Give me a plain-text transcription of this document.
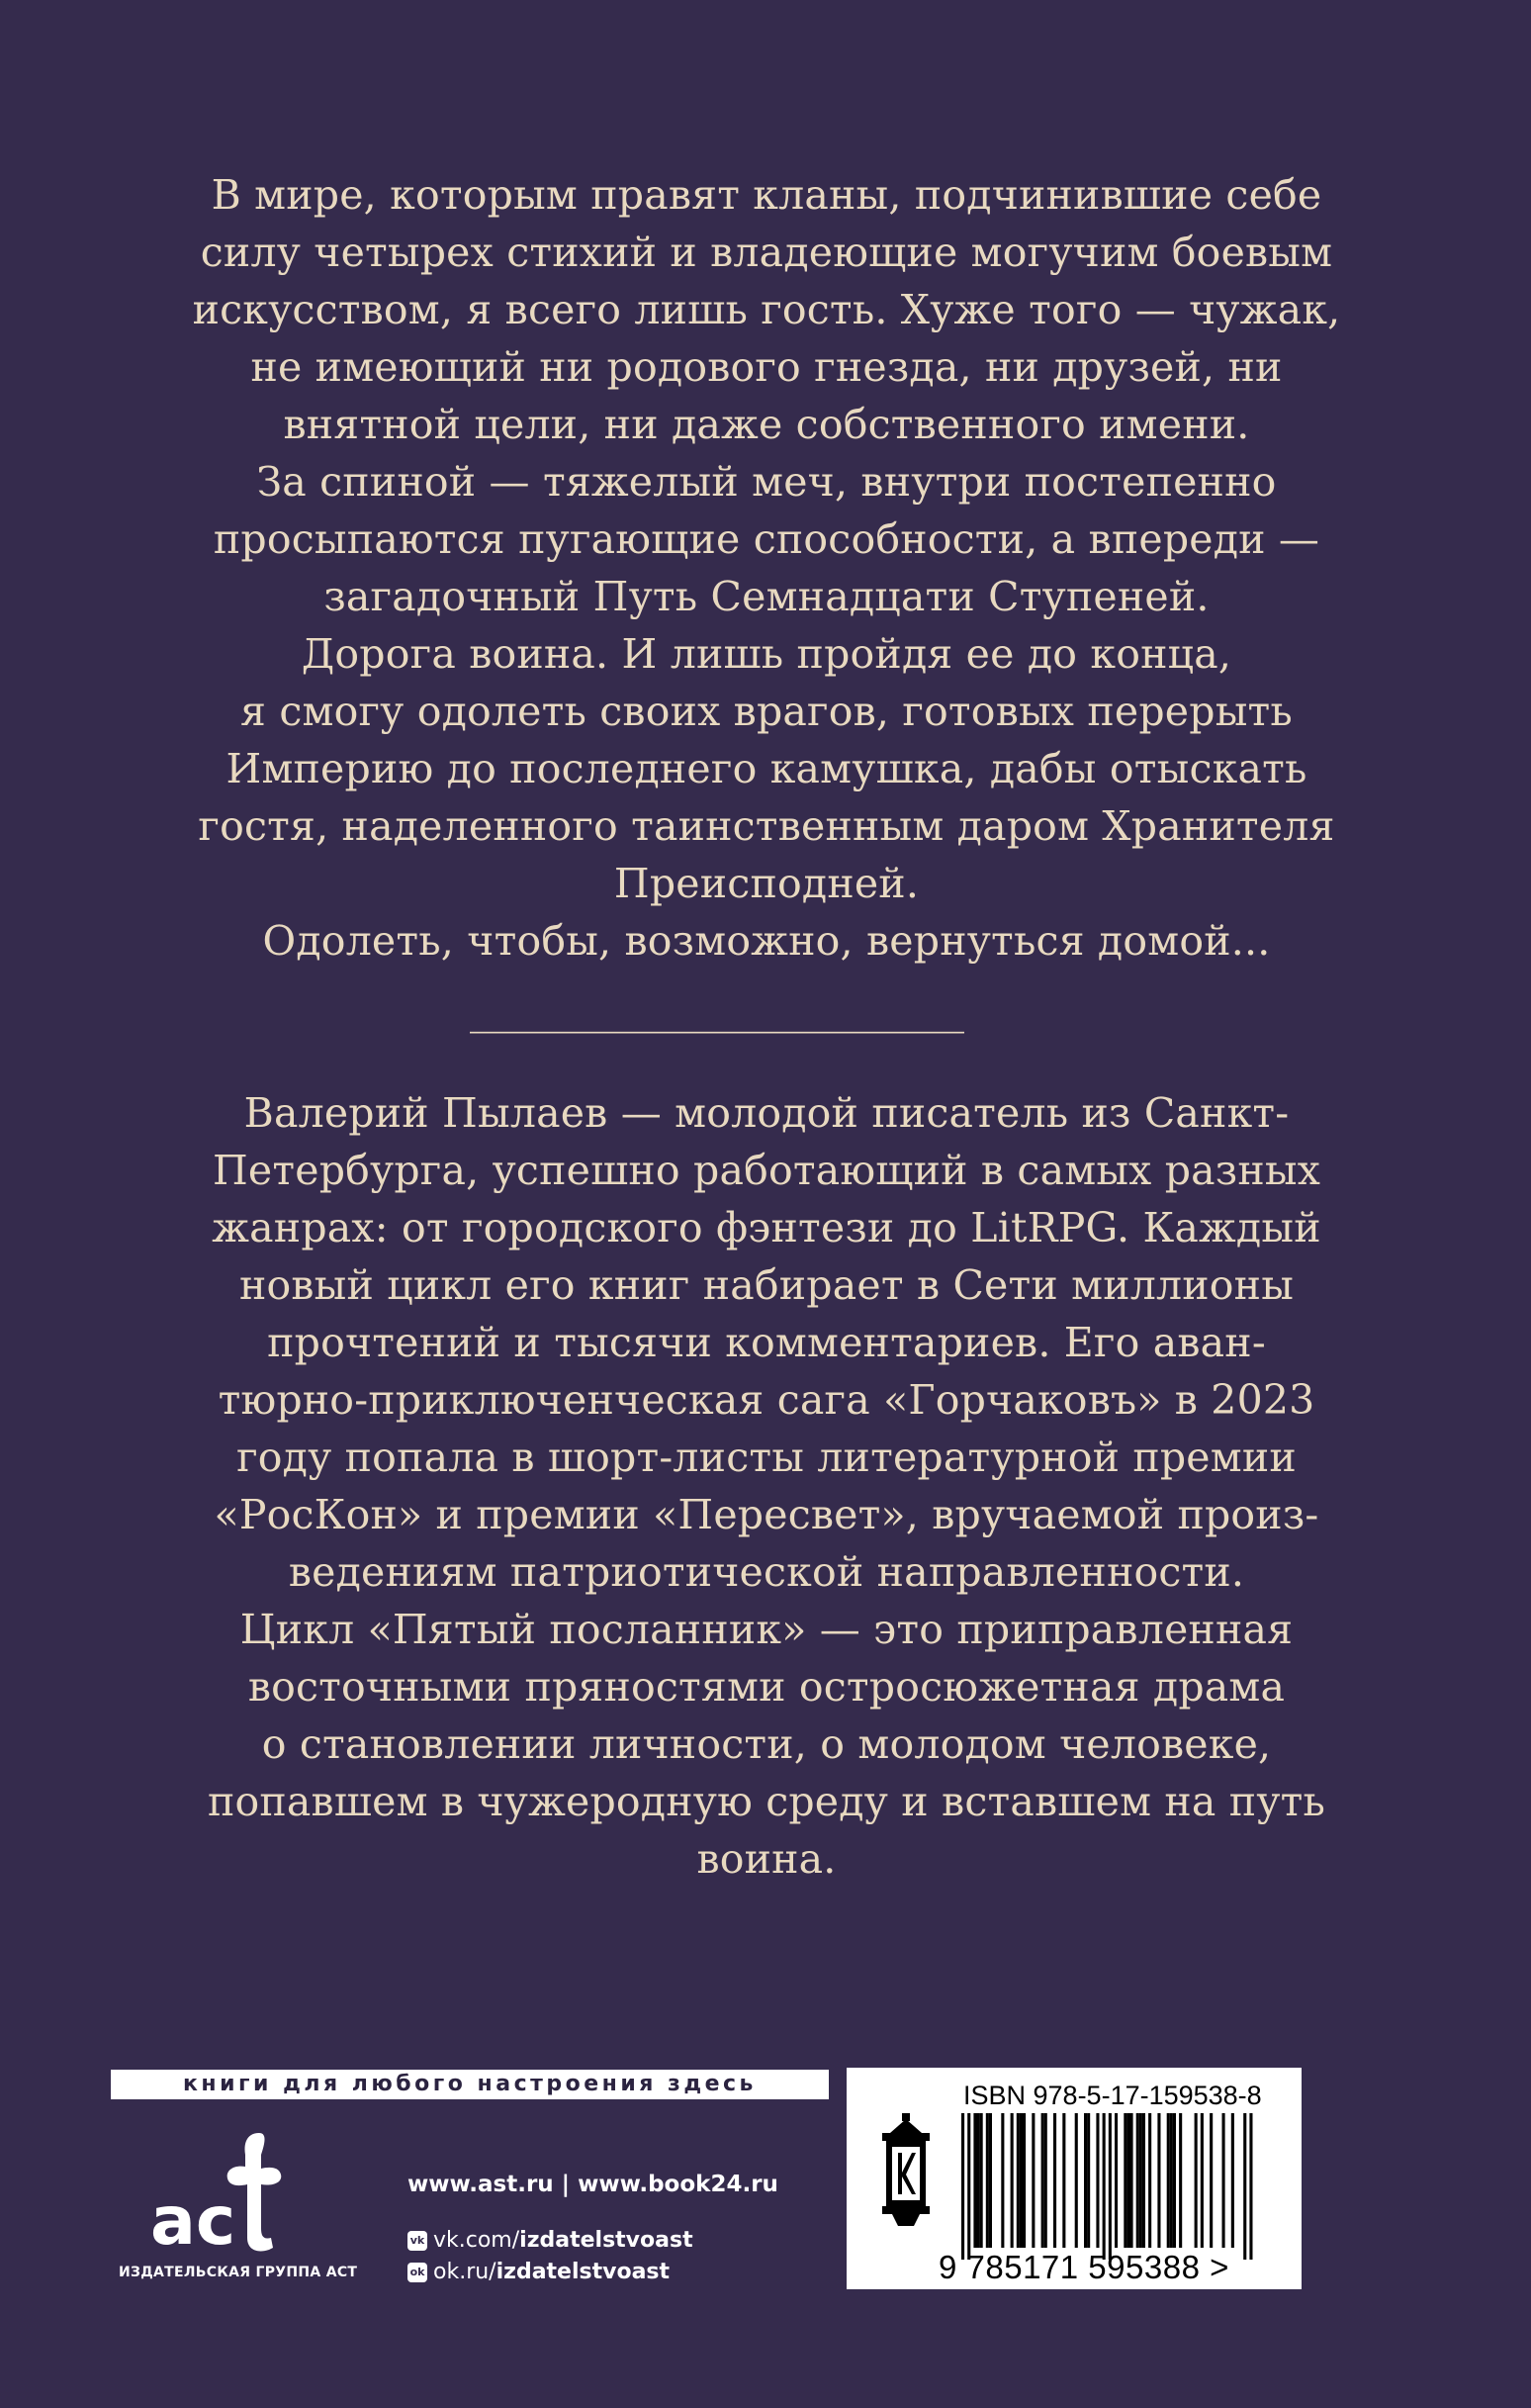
В мире, которым правят кланы, подчинившие себе
силу четырех стихий и владеющие могучим боевым
искусством, я всего лишь гость. Хуже того — чужак,
не имеющий ни родового гнезда, ни друзей, ни
внятной цели, ни даже собственного имени.
За спиной — тяжелый меч, внутри постепенно
просыпаются пугающие способности, а впереди —
загадочный Путь Семнадцати Ступеней.
Дорога воина. И лишь пройдя ее до конца,
я смогу одолеть своих врагов, готовых перерыть
Империю до последнего камушка, дабы отыскать
гостя, наделенного таинственным даром Хранителя
Преисподней.
Одолеть, чтобы, возможно, вернуться домой...
_________________________
Валерий Пылаев — молодой писатель из Санкт-
Петербурга, успешно работающий в самых разных
жанрах: от городского фэнтези до LitRPG. Каждый
новый цикл его книг набирает в Сети миллионы
прочтений и тысячи комментариев. Его аван-
тюрно-приключенческая сага «Горчаковъ» в 2023
году попала в шорт-листы литературной премии
«РосКон» и премии «Пересвет», вручаемой произ-
ведениям патриотической направленности.
Цикл «Пятый посланник» — это приправленная
восточными пряностями остросюжетная драма
о становлении личности, о молодом человеке,
попавшем в чужеродную среду и вставшем на путь
воина.
книги для любого настроения здесь
ac
ИЗДАТЕЛЬСКАЯ ГРУППА АСТ
www.ast.ru | www.book24.ru
vk vk.com/ izdatelstvoast
ok ok.ru/ izdatelstvoast
ISBN 978-5-17-159538-8
9 785171 595388 >
